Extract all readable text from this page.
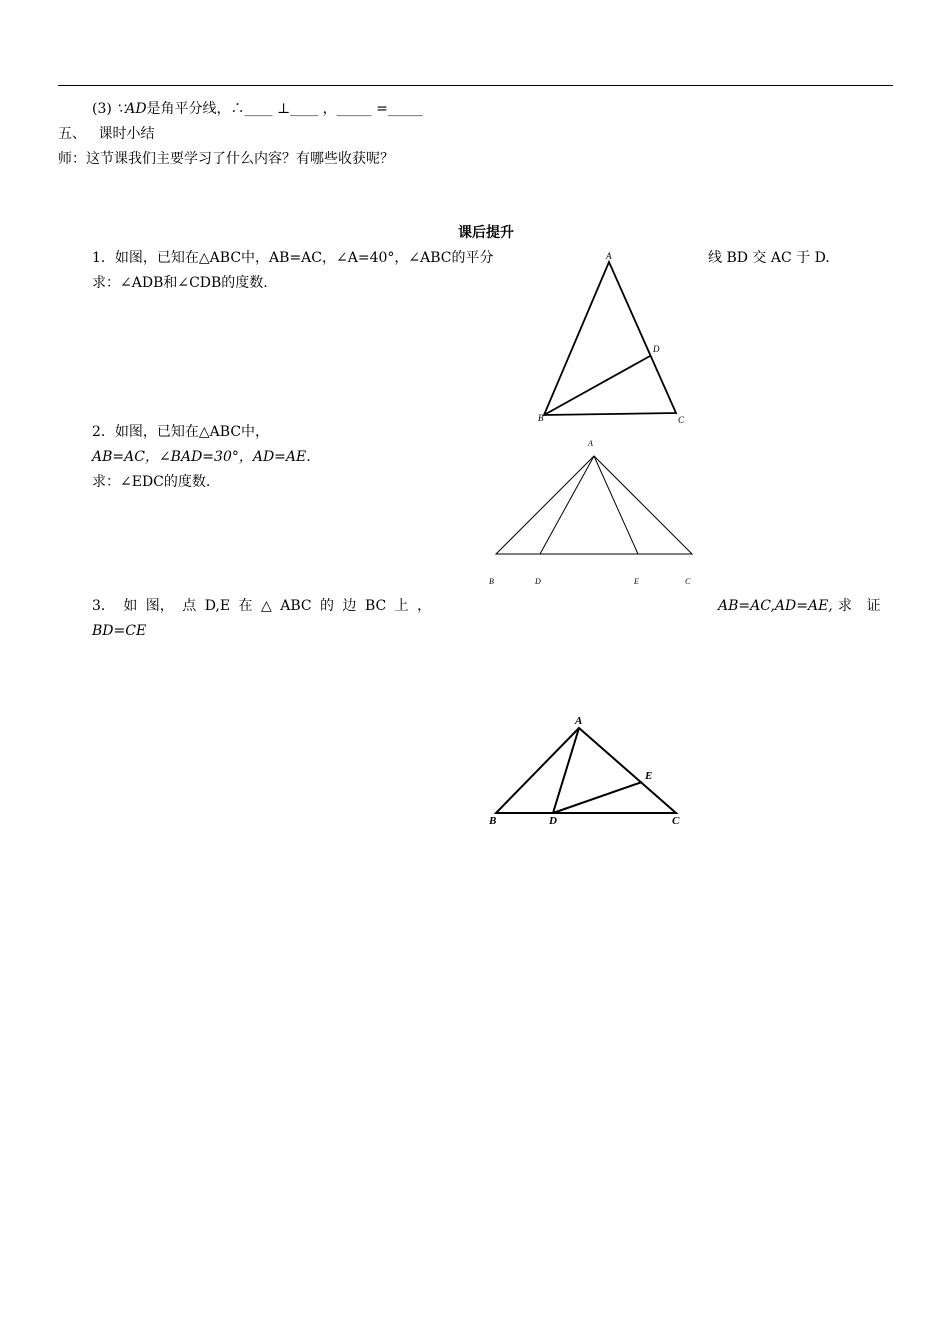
(3) ∵AD是角平分线，∴____ ⊥____ ，_____ =_____
五、 课时小结
师：这节课我们主要学习了什么内容？有哪些收获呢？
课后提升
1．如图，已知在△ABC中，AB=AC，∠A=40°，∠ABC的平分	线 BD 交 AC 于 D.
求：∠ADB和∠CDB的度数.
A
B	C
D
2．如图，已知在△ABC中，
AB=AC，∠BAD=30°，AD=AE.
求：∠EDC的度数.
A
B	D	E	C
3． 如 图， 点 D,E 在 △ ABC 的 边 BC 上 ，	AB=AC,AD=AE, 求 证
BD=CE
A
B	D
E
C
